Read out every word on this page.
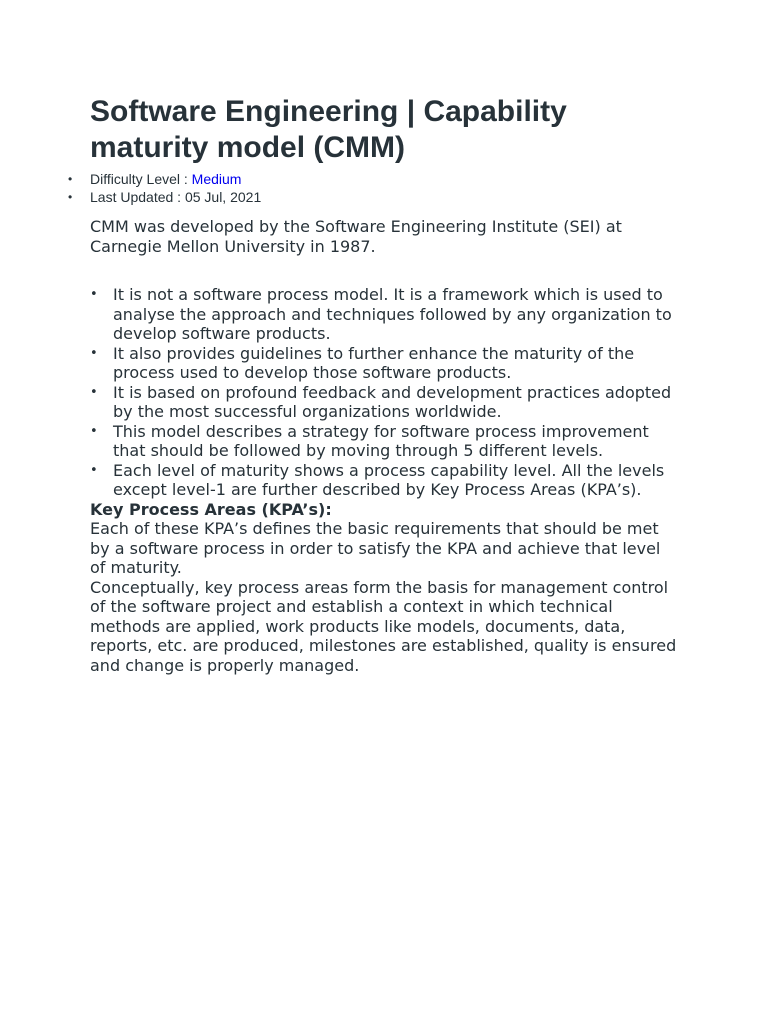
Software Engineering | Capability maturity model (CMM)
• Difficulty Level : Medium
• Last Updated : 05 Jul, 2021

CMM was developed by the Software Engineering Institute (SEI) at Carnegie Mellon University in 1987.

• It is not a software process model. It is a framework which is used to analyse the approach and techniques followed by any organization to develop software products.
• It also provides guidelines to further enhance the maturity of the process used to develop those software products.
• It is based on profound feedback and development practices adopted by the most successful organizations worldwide.
• This model describes a strategy for software process improvement that should be followed by moving through 5 different levels.
• Each level of maturity shows a process capability level. All the levels except level-1 are further described by Key Process Areas (KPA’s).

Key Process Areas (KPA’s):

Each of these KPA’s defines the basic requirements that should be met by a software process in order to satisfy the KPA and achieve that level of maturity.

Conceptually, key process areas form the basis for management control of the software project and establish a context in which technical methods are applied, work products like models, documents, data, reports, etc. are produced, milestones are established, quality is ensured and change is properly managed.
